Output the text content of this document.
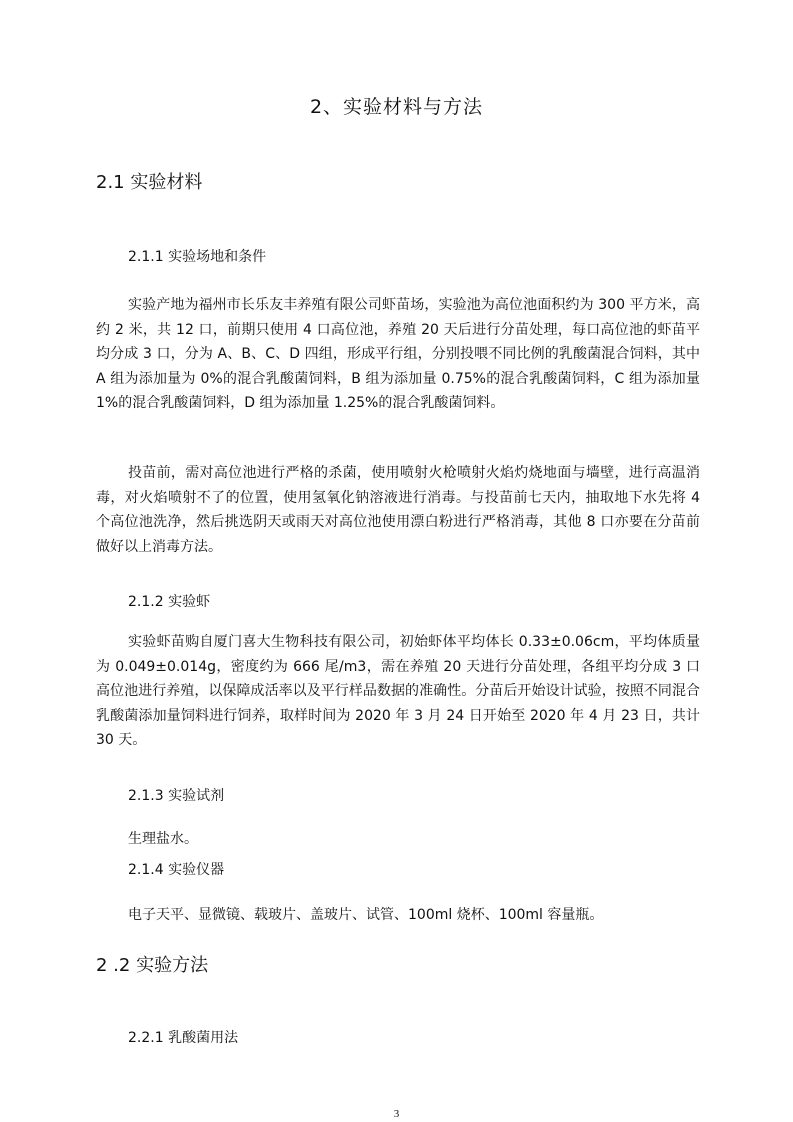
2、实验材料与方法
2.1 实验材料
2.1.1 实验场地和条件

实验产地为福州市长乐友丰养殖有限公司虾苗场，实验池为高位池面积约为 300 平方米，高约 2 米，共 12 口，前期只使用 4 口高位池，养殖 20 天后进行分苗处理，每口高位池的虾苗平均分成 3 口，分为 A、B、C、D 四组，形成平行组，分别投喂不同比例的乳酸菌混合饲料，其中 A 组为添加量为 0%的混合乳酸菌饲料，B 组为添加量 0.75%的混合乳酸菌饲料，C 组为添加量 1%的混合乳酸菌饲料，D 组为添加量 1.25%的混合乳酸菌饲料。

投苗前，需对高位池进行严格的杀菌，使用喷射火枪喷射火焰灼烧地面与墙壁，进行高温消毒，对火焰喷射不了的位置，使用氢氧化钠溶液进行消毒。与投苗前七天内，抽取地下水先将 4 个高位池洗净，然后挑选阴天或雨天对高位池使用漂白粉进行严格消毒，其他 8 口亦要在分苗前做好以上消毒方法。

2.1.2 实验虾

实验虾苗购自厦门喜大生物科技有限公司，初始虾体平均体长 0.33±0.06cm，平均体质量为 0.049±0.014g，密度约为 666 尾/m3，需在养殖 20 天进行分苗处理，各组平均分成 3 口高位池进行养殖，以保障成活率以及平行样品数据的准确性。分苗后开始设计试验，按照不同混合乳酸菌添加量饲料进行饲养，取样时间为 2020 年 3 月 24 日开始至 2020 年 4 月 23 日，共计 30 天。

2.1.3 实验试剂
生理盐水。
2.1.4 实验仪器
电子天平、显微镜、载玻片、盖玻片、试管、100ml 烧杯、100ml 容量瓶。
2 .2 实验方法
2.2.1 乳酸菌用法
3
